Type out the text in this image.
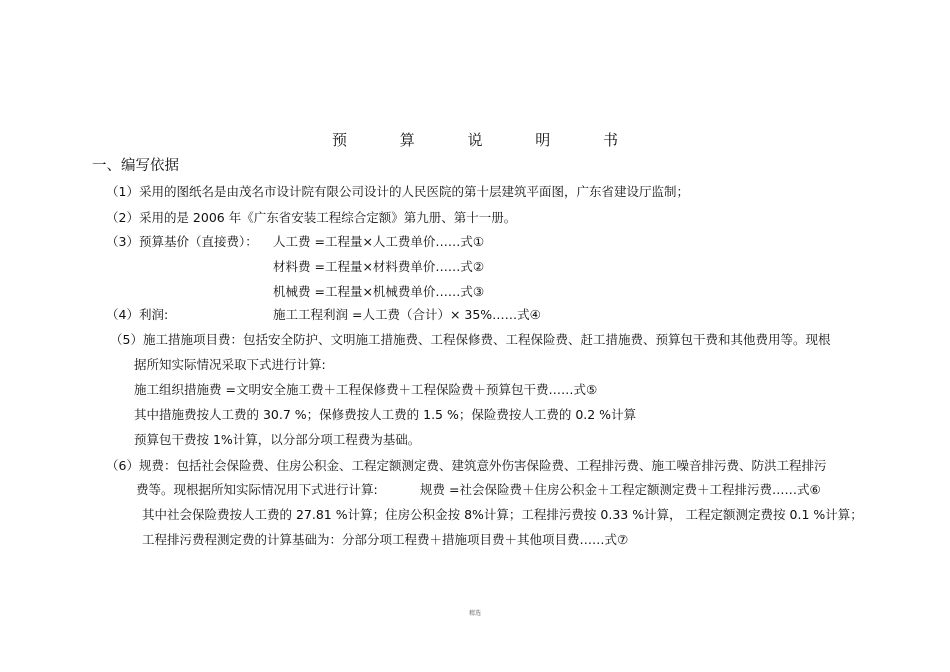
预 算 说 明 书
一、编写依据
（1）采用的图纸名是由茂名市设计院有限公司设计的人民医院的第十层建筑平面图，广东省建设厅监制；
（2）采用的是 2006 年《广东省安装工程综合定额》第九册、第十一册。
（3）预算基价（直接费）： 人工费 =工程量×人工费单价……式①
材料费 =工程量×材料费单价……式②
机械费 =工程量×机械费单价……式③
（4）利润:	施工工程利润 =人工费（合计）× 35%……式④
（5）施工措施项目费：包括安全防护、文明施工措施费、工程保修费、工程保险费、赶工措施费、预算包干费和其他费用等。现根
据所知实际情况采取下式进行计算:
施工组织措施费 =文明安全施工费＋工程保修费＋工程保险费＋预算包干费……式⑤
其中措施费按人工费的 30.7 %；保修费按人工费的 1.5 %；保险费按人工费的 0.2 %计算
预算包干费按 1%计算，以分部分项工程费为基础。
（6）规费：包括社会保险费、住房公积金、工程定额测定费、建筑意外伤害保险费、工程排污费、施工噪音排污费、防洪工程排污
费等。现根据所知实际情况用下式进行计算:	规费 =社会保险费＋住房公积金＋工程定额测定费＋工程排污费……式⑥
其中社会保险费按人工费的 27.81 %计算；住房公积金按 8%计算；工程排污费按 0.33 %计算， 工程定额测定费按 0.1 %计算；
工程排污费程测定费的计算基础为：分部分项工程费＋措施项目费＋其他项目费……式⑦
精选
